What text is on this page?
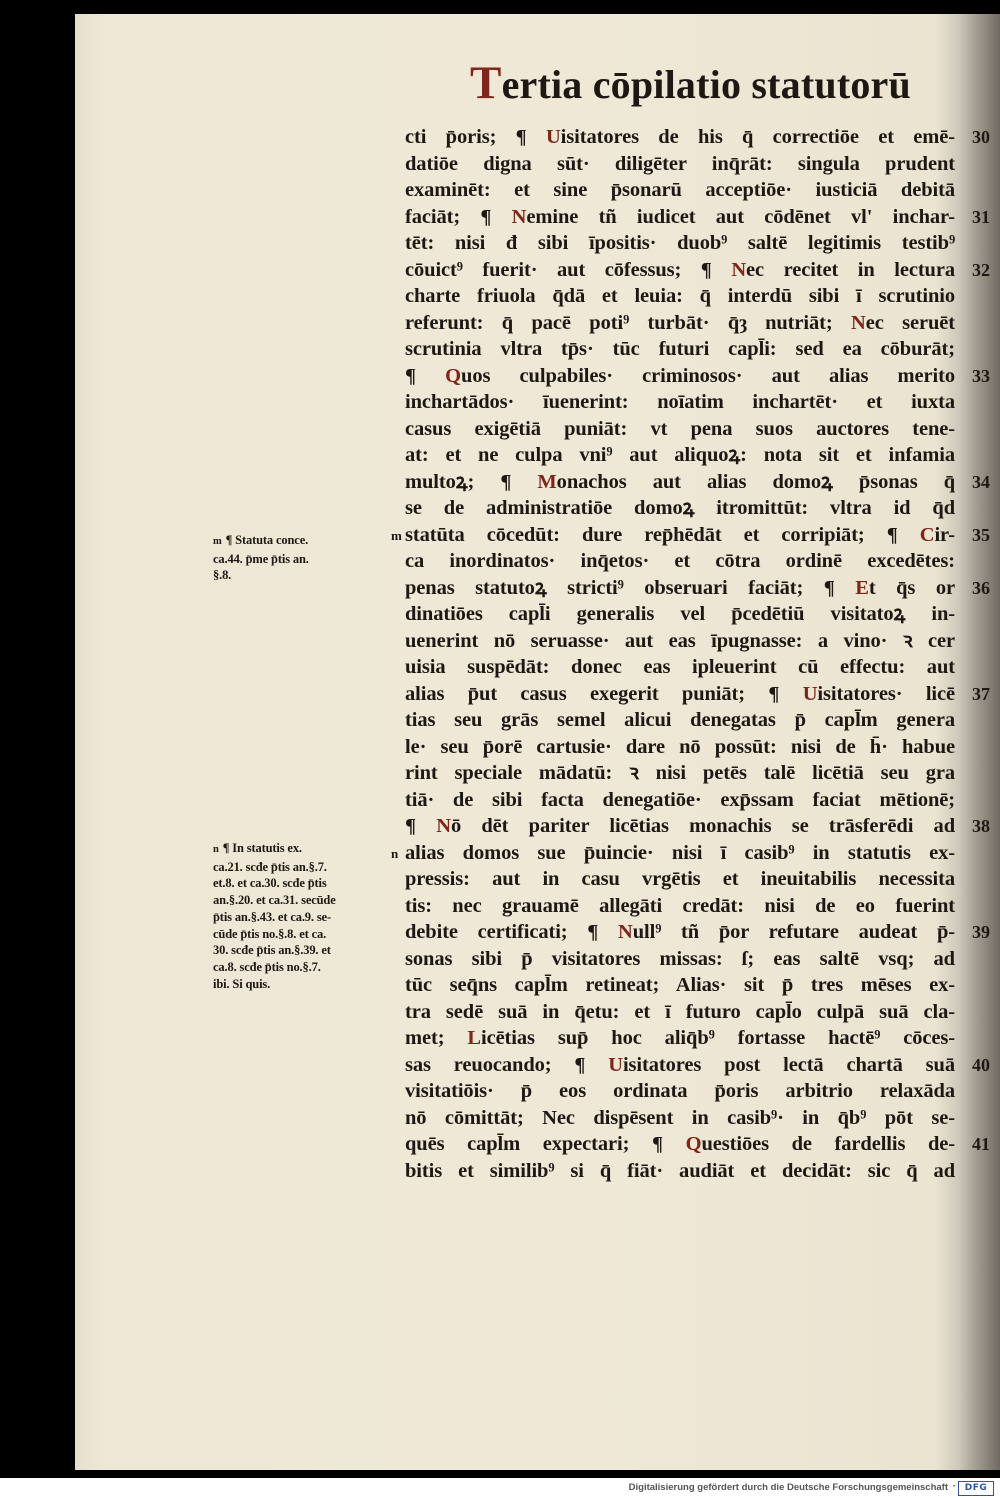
Tertia cōpilatio statutorū
m ¶ Statuta conce.
ca.44. p̄me p̄tis an.
§.8.
n ¶ In statutis ex.
ca.21. scđe p̄tis an.§.7.
et.8. et ca.30. scđe p̄tis
an.§.20. et ca.31. secūde
p̄tis an.§.43. et ca.9. se-
cūde p̄tis no.§.8. et ca.
30. scđe p̄tis an.§.39. et
ca.8. scđe p̄tis no.§.7.
ibi. Si quis.
cti p̄oris; ¶ Uisitatores de his q̄ correctiōe et emē- 30
datiōe digna sūt· diligēter inq̄rāt: singula prudent
examinēt: et sine p̄sonarū acceptiōe· iusticiā debitā
faciāt; ¶ Nemine tñ iudicet aut cōdēnet vl' inchar- 31
tēt: nisi đ sibi īpositis· duob⁹ saltē legitimis testib⁹
cōuict⁹ fuerit· aut cōfessus; ¶ Nec recitet in lectura 32
charte friuola q̄dā et leuia: q̄ interdū sibi ī scrutinio
referunt: q̄ pacē poti⁹ turbāt· q̄ȝ nutriāt; Nec seruēt
scrutinia vltra tp̄s· tūc futuri capl̄i: sed ea cōburāt;
¶ Quos culpabiles· criminosos· aut alias merito 33
inchartādos· īuenerint: noīatim inchartēt· et iuxta
casus exigētiā puniāt: vt pena suos auctores tene-
at: et ne culpa vni⁹ aut aliquoꝝ: nota sit et infamia
multoꝝ; ¶ Monachos aut alias domoꝝ p̄sonas q̄ 34
se de administratiōe domoꝝ itromittūt: vltra id q̄d
m statūta cōcedūt: dure rep̄hēdāt et corripiāt; ¶ Cir- 35
ca inordinatos· inq̄etos· et cōtra ordinē excedētes:
penas statutoꝝ stricti⁹ obseruari faciāt; ¶ Et q̄s or 36
dinatiōes capl̄i generalis vel p̄cedētiū visitatoꝝ in-
uenerint nō seruasse· aut eas īpugnasse: a vino· ꝛ cer
uisia suspēdāt: donec eas ipleuerint cū effectu: aut
alias p̄ut casus exegerit puniāt; ¶ Uisitatores· licē 37
tias seu grās semel alicui denegatas p̄ capl̄m genera
le· seu p̄orē cartusie· dare nō possūt: nisi de h̄· habue
rint speciale mādatū: ꝛ nisi petēs talē licētiā seu gra
tiā· de sibi facta denegatiōe· exp̄ssam faciat mētionē;
¶ Nō dēt pariter licētias monachis se trāsferēdi ad 38
n alias domos sue p̄uincie· nisi ī casib⁹ in statutis ex-
pressis: aut in casu vrgētis et ineuitabilis necessita
tis: nec grauamē allegāti credāt: nisi de eo fuerint
debite certificati; ¶ Null⁹ tñ p̄or refutare audeat p̄- 39
sonas sibi p̄ visitatores missas: ſ; eas saltē vsq; ad
tūc seq̄ns capl̄m retineat; Alias· sit p̄ tres mēses ex-
tra sedē suā in q̄etu: et ī futuro capl̄o culpā suā cla-
met; Licētias sup̄ hoc aliq̄b⁹ fortasse hactē⁹ cōces-
sas reuocando; ¶ Uisitatores post lectā chartā suā 40
visitatiōis· p̄ eos ordinata p̄oris arbitrio relaxāda
nō cōmittāt; Nec dispēsent in casib⁹· in q̄b⁹ pōt se-
quēs capl̄m expectari; ¶ Questiōes de fardellis de- 41
bitis et similib⁹ si q̄ fiāt· audiāt et decidāt: sic q̄ ad
Digitalisierung gefördert durch die Deutsche Forschungsgemeinschaft · DFG
